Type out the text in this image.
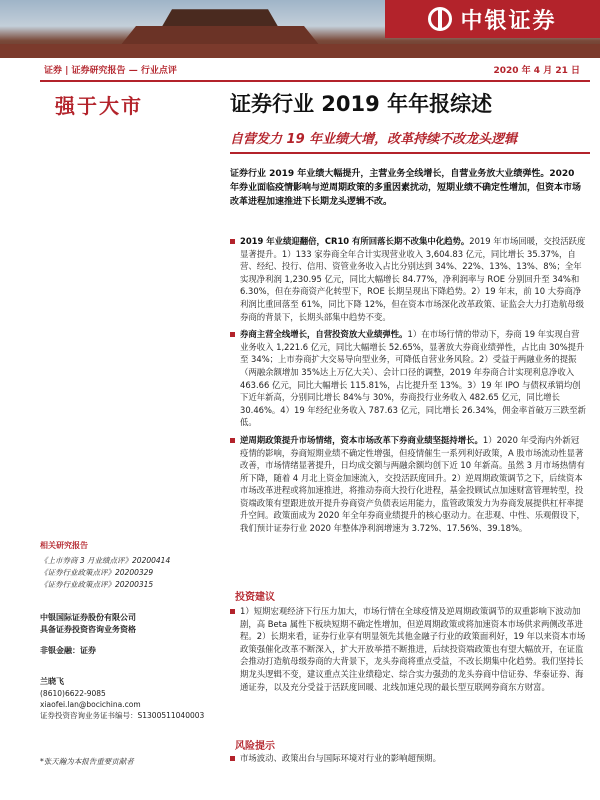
中银证券
证券 | 证券研究报告 — 行业点评	2020 年 4 月 21 日
强于大市	证券行业 2019 年年报综述
自营发力 19 年业绩大增，改革持续不改龙头逻辑
证券行业 2019 年业绩大幅提升，主营业务全线增长，自营业务放大业绩弹性。2020 年券业面临疫情影响与逆周期政策的多重因素扰动，短期业绩不确定性增加，但资本市场改革进程加速推进下长期龙头逻辑不改。

2019 年业绩迎翻倍，CR10 有所回落长期不改集中化趋势。2019 年市场回暖，交投活跃度显著提升。1）133 家券商全年合计实现营业收入 3,604.83 亿元，同比增长 35.37%，自营、经纪、投行、信用、资管业务收入占比分别达到 34%、22%、13%、13%、8%；全年实现净利润 1,230.95 亿元，同比大幅增长 84.77%，净利润率与 ROE 分别回升至 34%和 6.30%，但在券商资产化转型下，ROE 长期呈现出下降趋势。2）19 年末，前 10 大券商净利润比重回落至 61%，同比下降 12%，但在资本市场深化改革政策、证监会大力打造航母级券商的背景下，长期头部集中趋势不变。

券商主营全线增长，自营投资放大业绩弹性。1）在市场行情的带动下，券商 19 年实现自营业务收入 1,221.6 亿元，同比大幅增长 52.65%，显著放大券商业绩弹性，占比由 30%提升至 34%；上市券商扩大交易导向型业务，可降低自营业务风险。2）受益于两融业务的提振（两融余额增加 35%达上万亿大关）、会计口径的调整，2019 年券商合计实现利息净收入 463.66 亿元，同比大幅增长 115.81%，占比提升至 13%。3）19 年 IPO 与债权承销均创下近年新高，分别同比增长 84%与 30%，券商投行业务收入 482.65 亿元，同比增长 30.46%。4）19 年经纪业务收入 787.63 亿元，同比增长 26.34%，佣金率首破万三跌至新低。

逆周期政策提升市场情绪，资本市场改革下券商业绩坚挺持增长。1）2020 年受海内外新冠疫情的影响，券商短期业绩不确定性增强，但疫情催生一系列利好政策，A 股市场流动性显著改善，市场情绪显著提升，日均成交额与两融余额均创下近 10 年新高。虽然 3 月市场热情有所下降，随着 4 月北上资金加速流入，交投活跃度回升。2）逆周期政策调节之下，后续资本市场改革进程或将加速推进，将推动券商大投行化进程，基金投顾试点加速财富管理转型，投资端政策有望跟进放开提升券商资产负债表运用能力，监管政策发力为券商发展提供杠杆率提升空间。政策面成为 2020 年全年券商业绩提升的核心驱动力。在悲观、中性、乐观假设下，我们预计证券行业 2020 年整体净利润增速为 3.72%、17.56%、39.18%。

投资建议

1）短期宏观经济下行压力加大，市场行情在全球疫情及逆周期政策调节的双重影响下波动加剧，高 Beta 属性下板块短期不确定性增加，但逆周期政策或将加速资本市场供求两侧改革进程。2）长期来看，证券行业享有明显领先其他金融子行业的政策面利好，19 年以来资本市场政策强催化改革不断深入，扩大开放举措不断推进，后续投资端政策也有望大幅放开，在证监会推动打造航母级券商的大背景下，龙头券商将重点受益，不改长期集中化趋势。我们坚持长期龙头逻辑不变，建议重点关注业绩稳定、综合实力强劲的龙头券商中信证券、华泰证券、海通证券，以及充分受益于活跃度回暖、北线加速兑现的最长型互联网券商东方财富。

风险提示

市场波动、政策出台与国际环境对行业的影响超预期。

相关研究报告
《上市券商 3 月业绩点评》20200414
《证券行业政策点评》20200329
《证券行业政策点评》20200315
中银国际证券股份有限公司
具备证券投资咨询业务资格
非银金融：证券
兰晓飞
(8610)6622-9085
xiaofei.lan@bocichina.com
证券投资咨询业务证书编号：S1300511040003
*张天瀚为本报告重要贡献者
